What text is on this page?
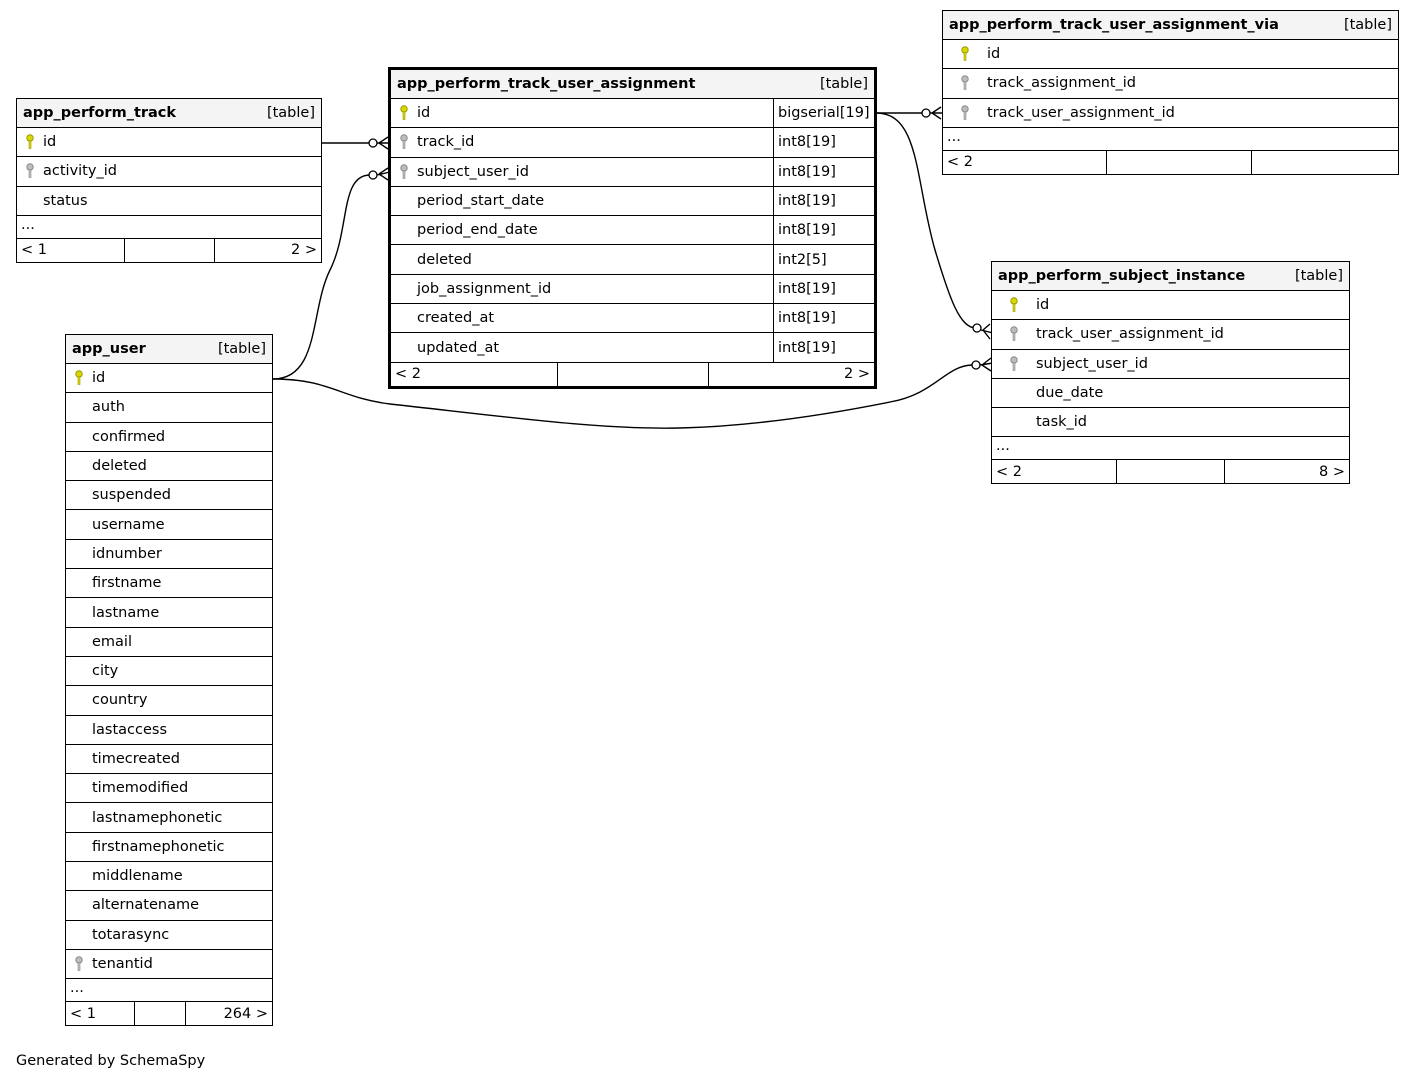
app_perform_track	[table]
id
activity_id
status
...
< 1	2 >
app_user	[table]
id
auth
confirmed
deleted
suspended
username
idnumber
firstname
lastname
email
city
country
lastaccess
timecreated
timemodified
lastnamephonetic
firstnamephonetic
middlename
alternatename
totarasync
tenantid
...
< 1	264 >
app_perform_track_user_assignment	[table]
id	bigserial[19]
track_id	int8[19]
subject_user_id	int8[19]
period_start_date	int8[19]
period_end_date	int8[19]
deleted	int2[5]
job_assignment_id	int8[19]
created_at	int8[19]
updated_at	int8[19]
< 2	2 >
app_perform_track_user_assignment_via	[table]
id
track_assignment_id
track_user_assignment_id
...
< 2
app_perform_subject_instance	[table]
id
track_user_assignment_id
subject_user_id
due_date
task_id
...
< 2	8 >
Generated by SchemaSpy
